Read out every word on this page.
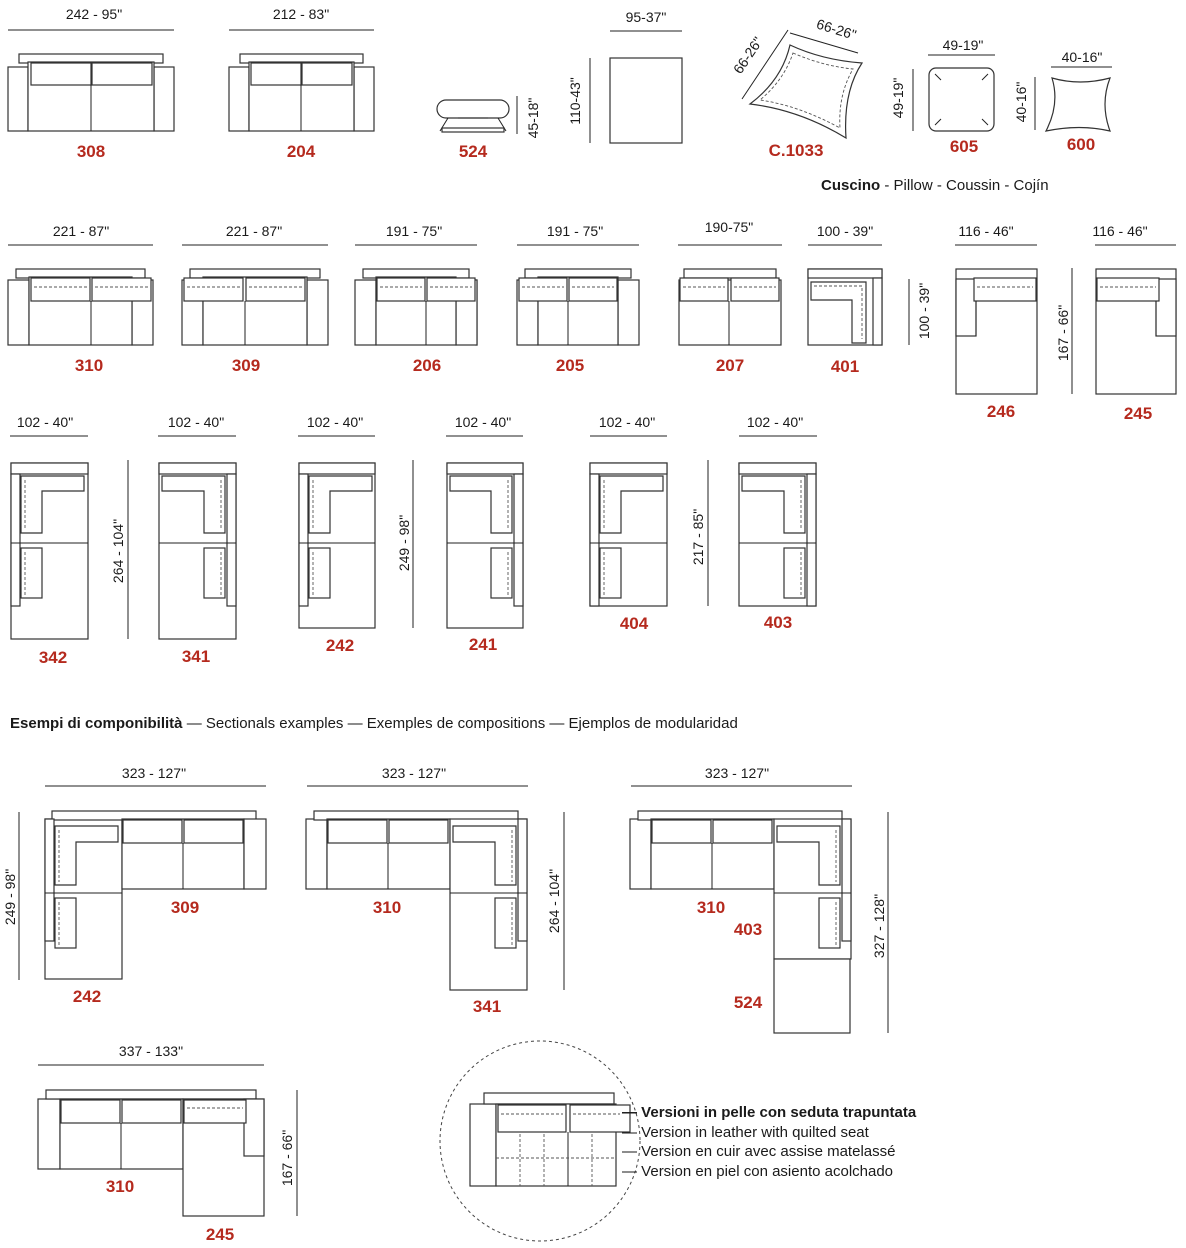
242 - 95"
308
212 - 83"
204
45-18"
524
95-37"
110-43"
66-26"
66-26"
C.1033
49-19"
49-19"
605
40-16"
40-16"
600
221 - 87"
310
221 - 87"
309
191 - 75"
206
191 - 75"
205
190-75"
207
100 - 39"
100 - 39"
401
116 - 46"
246
167 - 66"
116 - 46"
245
102 - 40"
264 - 104"
342
102 - 40"
341
102 - 40"
249 - 98"
242
102 - 40"
241
102 - 40"
217 - 85"
404
102 - 40"
403
323 - 127"
249 - 98"	309
242
323 - 127"
264 - 104"
310
341
323 - 127"
327 - 128"
310
403
524
337 - 133"
167 - 66"
310
245
Cuscino - Pillow - Coussin - Cojín
Esempi di componibilità — Sectionals examples — Exemples de compositions — Ejemplos de modularidad
— Versioni in pelle con seduta trapuntata
— Version in leather with quilted seat
— Version en cuir avec assise matelassé
— Version en piel con asiento acolchado
